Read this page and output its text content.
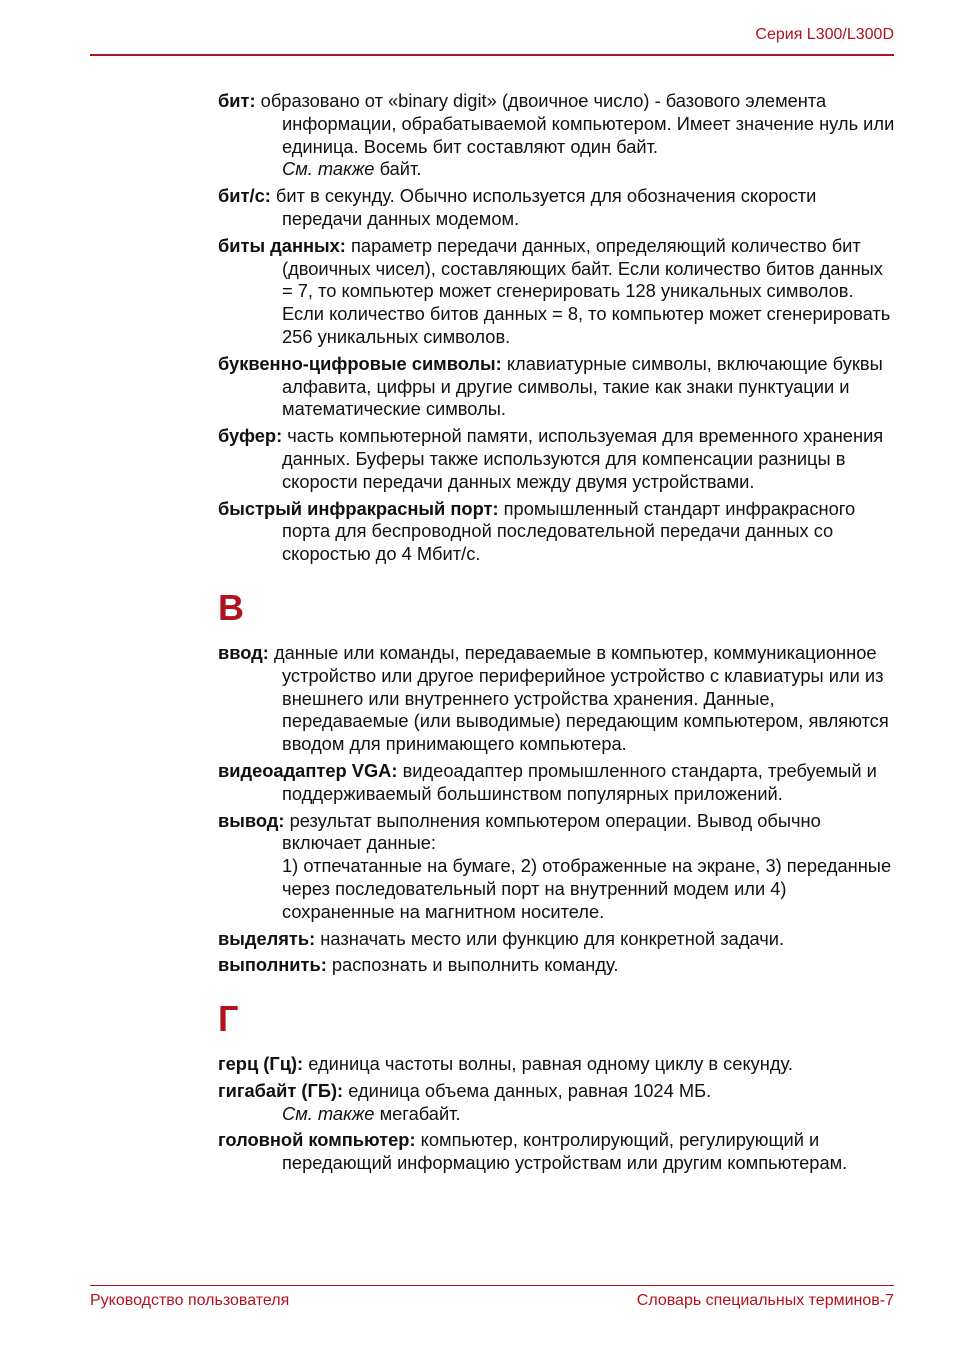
Серия L300/L300D

бит: образовано от «binary digit» (двоичное число) - базового элемента информации, обрабатываемой компьютером. Имеет значение нуль или единица. Восемь бит составляют один байт.

См. также байт.

бит/с: бит в секунду. Обычно используется для обозначения скорости передачи данных модемом.

биты данных: параметр передачи данных, определяющий количество бит (двоичных чисел), составляющих байт. Если количество битов данных = 7, то компьютер может сгенерировать 128 уникальных символов. Если количество битов данных = 8, то компьютер может сгенерировать 256 уникальных символов.

буквенно-цифровые символы: клавиатурные символы, включающие буквы алфавита, цифры и другие символы, такие как знаки пунктуации и математические символы.

буфер: часть компьютерной памяти, используемая для временного хранения данных. Буферы также используются для компенсации разницы в скорости передачи данных между двумя устройствами.

быстрый инфракрасный порт: промышленный стандарт инфракрасного порта для беспроводной последовательной передачи данных со скоростью до 4 Мбит/с.

В

ввод: данные или команды, передаваемые в компьютер, коммуникационное устройство или другое периферийное устройство с клавиатуры или из внешнего или внутреннего устройства хранения. Данные, передаваемые (или выводимые) передающим компьютером, являются вводом для принимающего компьютера.

видеоадаптер VGA: видеоадаптер промышленного стандарта, требуемый и поддерживаемый большинством популярных приложений.

вывод: результат выполнения компьютером операции. Вывод обычно включает данные:

1) отпечатанные на бумаге, 2) отображенные на экране, 3) переданные через последовательный порт на внутренний модем или 4) сохраненные на магнитном носителе.

выделять: назначать место или функцию для конкретной задачи.

выполнить: распознать и выполнить команду.

Г

герц (Гц): единица частоты волны, равная одному циклу в секунду.

гигабайт (ГБ): единица объема данных, равная 1024 МБ.

См. также мегабайт.

головной компьютер: компьютер, контролирующий, регулирующий и передающий информацию устройствам или другим компьютерам.

Руководство пользователя	Словарь специальных терминов-7
